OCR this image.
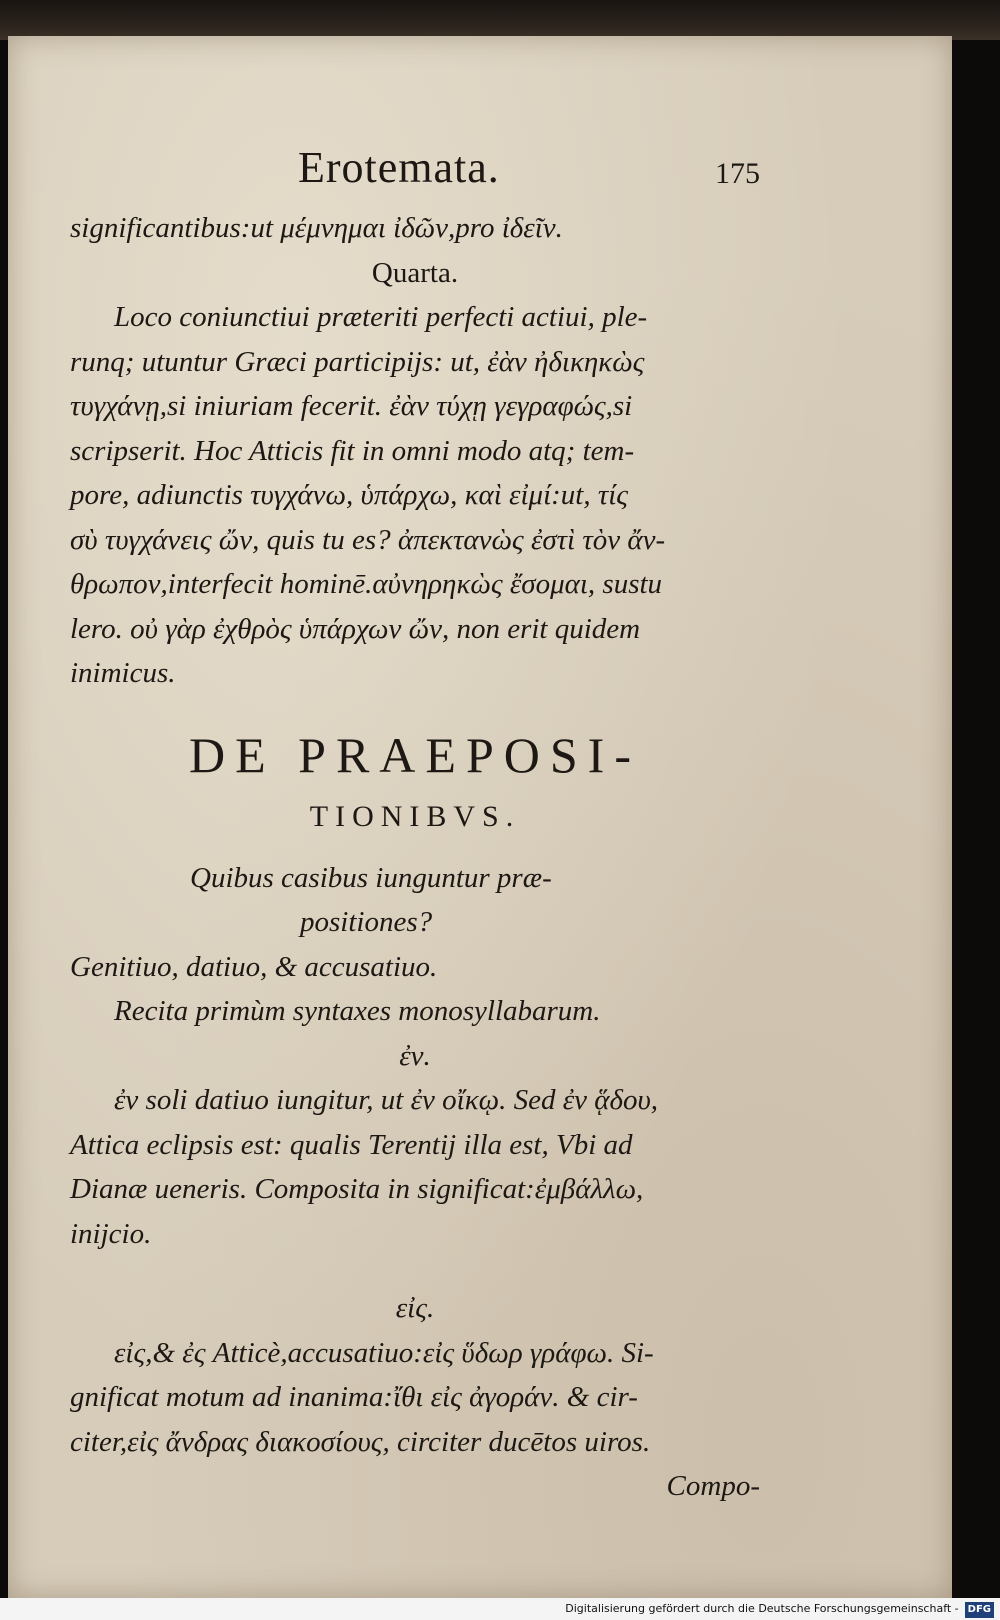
Erotemata.	175
significantibus:ut μέμνημαι ἰδῶν,pro ἰδεῖν.
Quarta.
Loco coniunctiui præteriti perfecti actiui, ple-
runq; utuntur Græci participijs: ut, ἐὰν ἠδικηκὼς
τυγχάνῃ,si iniuriam fecerit. ἐὰν τύχῃ γεγραφώς,si
scripserit. Hoc Atticis fit in omni modo atq; tem-
pore, adiunctis τυγχάνω, ὑπάρχω, καὶ εἰμί:ut, τίς
σὺ τυγχάνεις ὤν, quis tu es? ἀπεκτανὼς ἐστὶ τὸν ἄν-
θρωπον,interfecit hominē.αὐνηρηκὼς ἔσομαι, sustu
lero. οὐ γὰρ ἐχθρὸς ὑπάρχων ὤν, non erit quidem
inimicus.
DE PRAEPOSI-
TIONIBVS.
Quibus casibus iunguntur præ-
positiones?
Genitiuo, datiuo, & accusatiuo.
Recita primùm syntaxes monosyllabarum.
ἐν.
ἐν soli datiuo iungitur, ut ἐν οἴκῳ. Sed ἐν ᾅδου,
Attica eclipsis est: qualis Terentij illa est, Vbi ad
Dianæ ueneris. Composita in significat:ἐμβάλλω,
inijcio.
εἰς.
εἰς,& ἐς Atticè,accusatiuo:εἰς ὕδωρ γράφω. Si-
gnificat motum ad inanima:ἴθι εἰς ἀγοράν. & cir-
citer,εἰς ἄνδρας διακοσίους, circiter ducētos uiros.
Compo-
Digitalisierung gefördert durch die Deutsche Forschungsgemeinschaft - DFG
